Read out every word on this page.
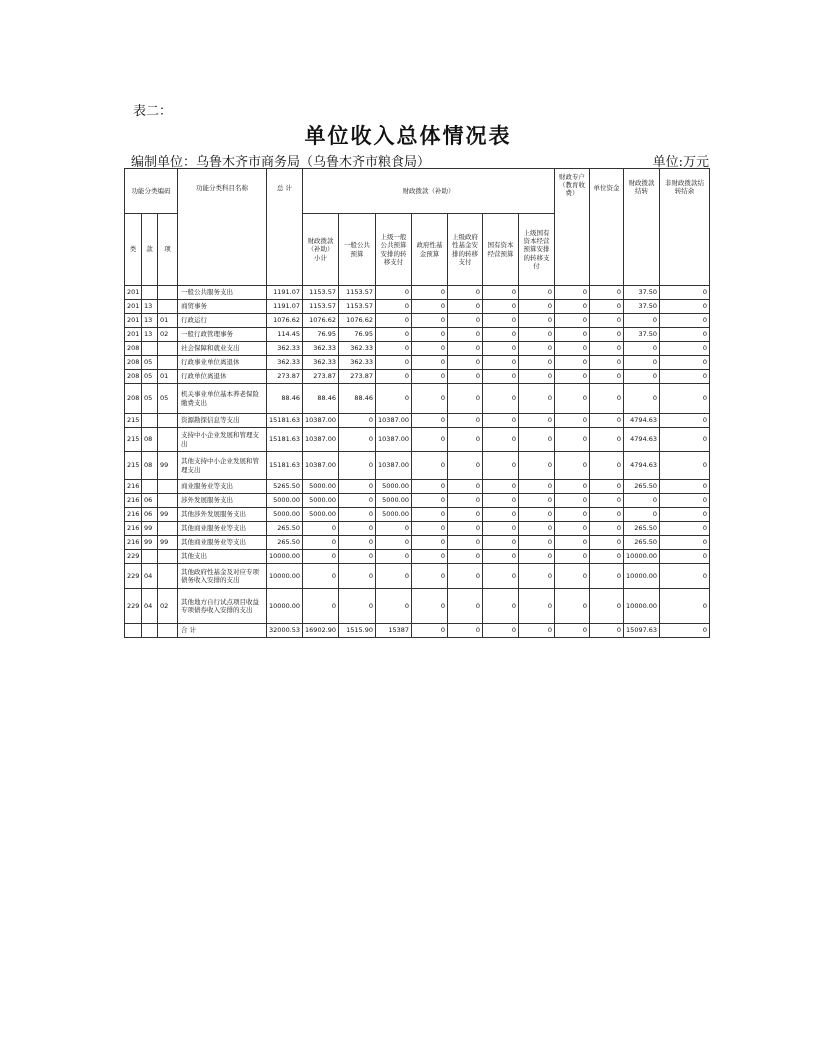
表二：
单位收入总体情况表
编制单位：乌鲁木齐市商务局（乌鲁木齐市粮食局）	单位:万元
功能分类编码			功能分类科目名称	总 计	财政拨款（补助）							财政专户（教育收费）	单位资金	财政拨款结转	非财政拨款结转结余
类	款	项			财政拨款（补助）小计	一般公共预算	上级一般公共预算安排的转移支付	政府性基金预算	上级政府性基金安排的转移支付	国有资本经营预算	上级国有资本经营预算安排的转移支付				
201			一般公共服务支出	1191.07	1153.57	1153.57	0	0	0	0	0	0	0	37.50	0
201	13		商贸事务	1191.07	1153.57	1153.57	0	0	0	0	0	0	0	37.50	0
201	13	01	行政运行	1076.62	1076.62	1076.62	0	0	0	0	0	0	0	0	0
201	13	02	一般行政管理事务	114.45	76.95	76.95	0	0	0	0	0	0	0	37.50	0
208			社会保障和就业支出	362.33	362.33	362.33	0	0	0	0	0	0	0	0	0
208	05		行政事业单位离退休	362.33	362.33	362.33	0	0	0	0	0	0	0	0	0
208	05	01	行政单位离退休	273.87	273.87	273.87	0	0	0	0	0	0	0	0	0
208	05	05	机关事业单位基本养老保险缴费支出	88.46	88.46	88.46	0	0	0	0	0	0	0	0	0
215			资源勘探信息等支出	15181.63	10387.00	0	10387.00	0	0	0	0	0	0	4794.63	0
215	08		支持中小企业发展和管理支出	15181.63	10387.00	0	10387.00	0	0	0	0	0	0	4794.63	0
215	08	99	其他支持中小企业发展和管理支出	15181.63	10387.00	0	10387.00	0	0	0	0	0	0	4794.63	0
216			商业服务业等支出	5265.50	5000.00	0	5000.00	0	0	0	0	0	0	265.50	0
216	06		涉外发展服务支出	5000.00	5000.00	0	5000.00	0	0	0	0	0	0	0	0
216	06	99	其他涉外发展服务支出	5000.00	5000.00	0	5000.00	0	0	0	0	0	0	0	0
216	99		其他商业服务业等支出	265.50	0	0	0	0	0	0	0	0	0	265.50	0
216	99	99	其他商业服务业等支出	265.50	0	0	0	0	0	0	0	0	0	265.50	0
229			其他支出	10000.00	0	0	0	0	0	0	0	0	0	10000.00	0
229	04		其他政府性基金及对应专项债务收入安排的支出	10000.00	0	0	0	0	0	0	0	0	0	10000.00	0
229	04	02	其他地方自行试点项目收益专项债券收入安排的支出	10000.00	0	0	0	0	0	0	0	0	0	10000.00	0
			合 计	32000.53	16902.90	1515.90	15387	0	0	0	0	0	0	15097.63	0
